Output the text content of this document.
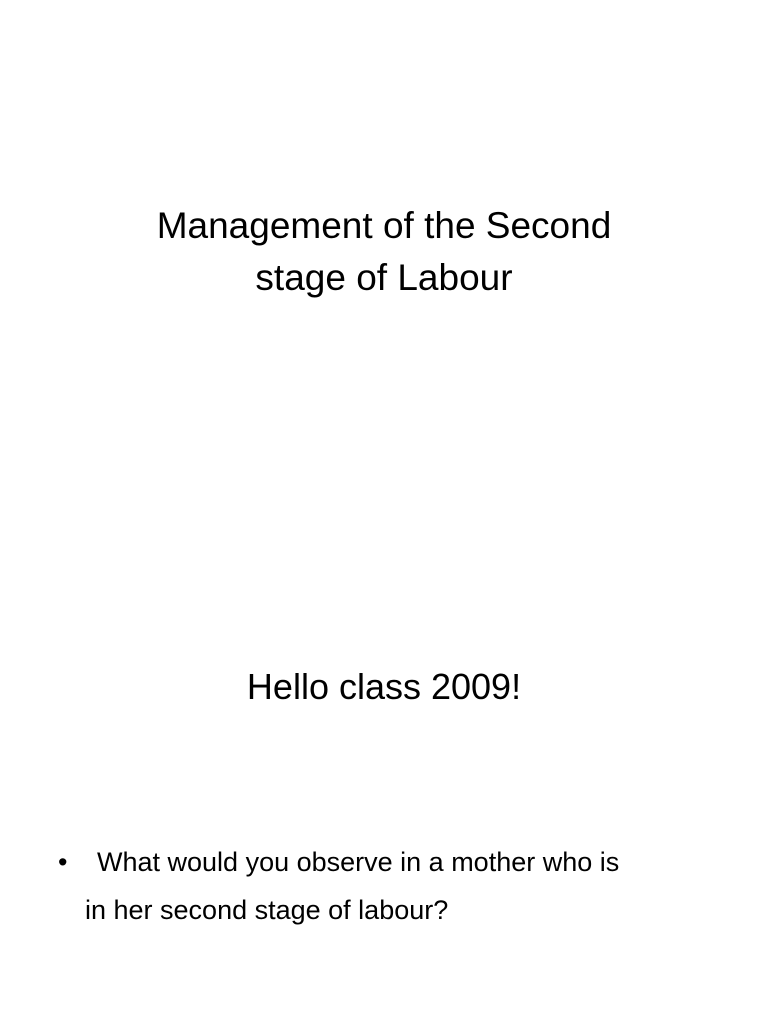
Management of the Second
stage of Labour

Hello class 2009!

•	What would you observe in a mother who is
in her second stage of labour?
